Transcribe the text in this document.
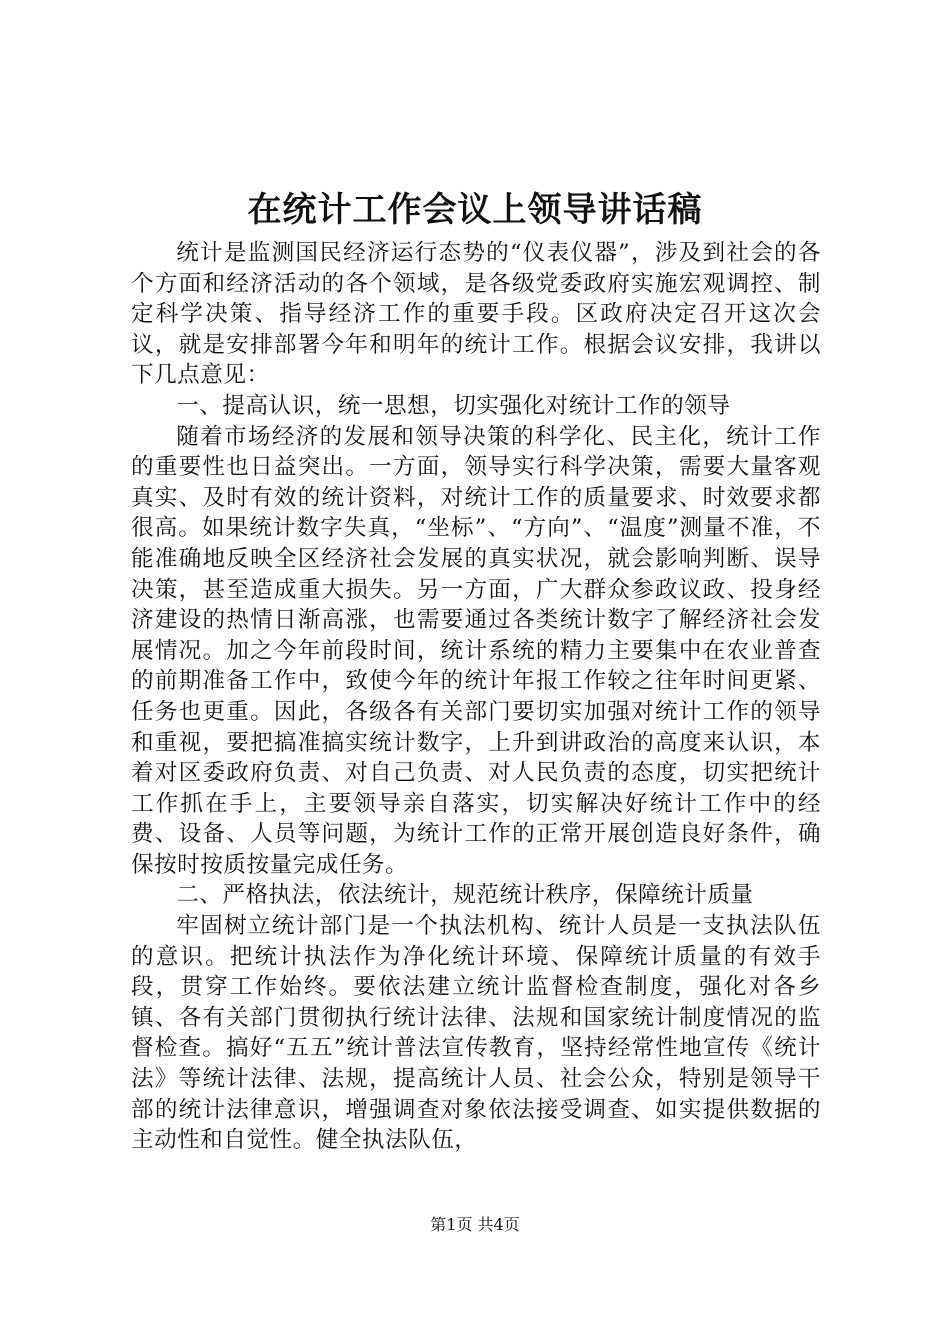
在统计工作会议上领导讲话稿

统计是监测国民经济运行态势的“仪表仪器”，涉及到社会的各个方面和经济活动的各个领域，是各级党委政府实施宏观调控、制定科学决策、指导经济工作的重要手段。区政府决定召开这次会议，就是安排部署今年和明年的统计工作。根据会议安排，我讲以下几点意见：

一、提高认识，统一思想，切实强化对统计工作的领导

随着市场经济的发展和领导决策的科学化、民主化，统计工作的重要性也日益突出。一方面，领导实行科学决策，需要大量客观真实、及时有效的统计资料，对统计工作的质量要求、时效要求都很高。如果统计数字失真，“坐标”、“方向”、“温度”测量不准，不能准确地反映全区经济社会发展的真实状况，就会影响判断、误导决策，甚至造成重大损失。另一方面，广大群众参政议政、投身经济建设的热情日渐高涨，也需要通过各类统计数字了解经济社会发展情况。加之今年前段时间，统计系统的精力主要集中在农业普查的前期准备工作中，致使今年的统计年报工作较之往年时间更紧、任务也更重。因此，各级各有关部门要切实加强对统计工作的领导和重视，要把搞准搞实统计数字，上升到讲政治的高度来认识，本着对区委政府负责、对自己负责、对人民负责的态度，切实把统计工作抓在手上，主要领导亲自落实，切实解决好统计工作中的经费、设备、人员等问题，为统计工作的正常开展创造良好条件，确保按时按质按量完成任务。

二、严格执法，依法统计，规范统计秩序，保障统计质量

牢固树立统计部门是一个执法机构、统计人员是一支执法队伍的意识。把统计执法作为净化统计环境、保障统计质量的有效手段，贯穿工作始终。要依法建立统计监督检查制度，强化对各乡镇、各有关部门贯彻执行统计法律、法规和国家统计制度情况的监督检查。搞好“五五”统计普法宣传教育，坚持经常性地宣传《统计法》等统计法律、法规，提高统计人员、社会公众，特别是领导干部的统计法律意识，增强调查对象依法接受调查、如实提供数据的主动性和自觉性。健全执法队伍，

第1页 共4页
